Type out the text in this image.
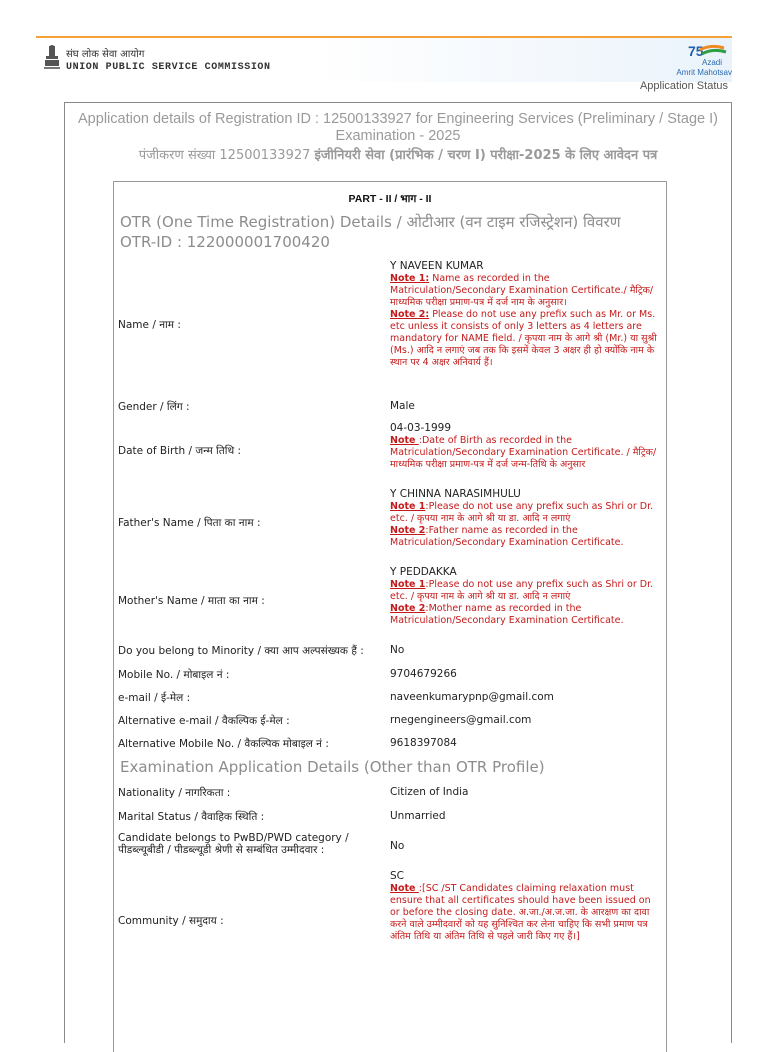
संघ लोक सेवा आयोग
UNION PUBLIC SERVICE COMMISSION
75
Azadi
Amrit Mahotsav
Application Status
Application details of Registration ID : 12500133927 for Engineering Services (Preliminary / Stage I) Examination - 2025
पंजीकरण संख्या 12500133927 इंजीनियरी सेवा (प्रारंभिक / चरण I) परीक्षा-2025 के लिए आवेदन पत्र
PART - II / भाग - II
OTR (One Time Registration) Details / ओटीआर (वन टाइम रजिस्ट्रेशन) विवरण OTR-ID : 122000001700420
Name / नाम :
Y NAVEEN KUMAR
Note 1: Name as recorded in the Matriculation/Secondary Examination Certificate./ मैट्रिक/माध्यमिक परीक्षा प्रमाण-पत्र में दर्ज नाम के अनुसार।
Note 2: Please do not use any prefix such as Mr. or Ms. etc unless it consists of only 3 letters as 4 letters are mandatory for NAME field. / कृपया नाम के आगे श्री (Mr.) या सुश्री (Ms.) आदि न लगाएं जब तक कि इसमें केवल 3 अक्षर ही हो क्योंकि नाम के स्थान पर 4 अक्षर अनिवार्य हैं।
Gender / लिंग :	Male
Date of Birth / जन्म तिथि :
04-03-1999
Note :Date of Birth as recorded in the Matriculation/Secondary Examination Certificate. / मैट्रिक/माध्यमिक परीक्षा प्रमाण-पत्र में दर्ज जन्म-तिथि के अनुसार
Father's Name / पिता का नाम :
Y CHINNA NARASIMHULU
Note 1:Please do not use any prefix such as Shri or Dr. etc. / कृपया नाम के आगे श्री या डा. आदि न लगाएं
Note 2:Father name as recorded in the Matriculation/Secondary Examination Certificate.
Mother's Name / माता का नाम :
Y PEDDAKKA
Note 1:Please do not use any prefix such as Shri or Dr. etc. / कृपया नाम के आगे श्री या डा. आदि न लगाएं
Note 2:Mother name as recorded in the Matriculation/Secondary Examination Certificate.
Do you belong to Minority / क्या आप अल्पसंख्यक हैं :	No
Mobile No. / मोबाइल नं :	9704679266
e-mail / ई-मेल :	naveenkumarypnp@gmail.com
Alternative e-mail / वैकल्पिक ई-मेल :	rnegengineers@gmail.com
Alternative Mobile No. / वैकल्पिक मोबाइल नं :	9618397084
Examination Application Details (Other than OTR Profile)
Nationality / नागरिकता :	Citizen of India
Marital Status / वैवाहिक स्थिति :	Unmarried
Candidate belongs to PwBD/PWD category / पीडब्ल्यूबीडी / पीडब्ल्यूडी श्रेणी से सम्बंधित उम्मीदवार :	No
Community / समुदाय :
SC
Note :[SC /ST Candidates claiming relaxation must ensure that all certificates should have been issued on or before the closing date. अ.जा./अ.ज.जा. के आरक्षण का दावा करने वाले उम्मीदवारों को यह सुनिश्चित कर लेना चाहिए कि सभी प्रमाण पत्र अंतिम तिथि या अंतिम तिथि से पहले जारी किए गए हैं।]
